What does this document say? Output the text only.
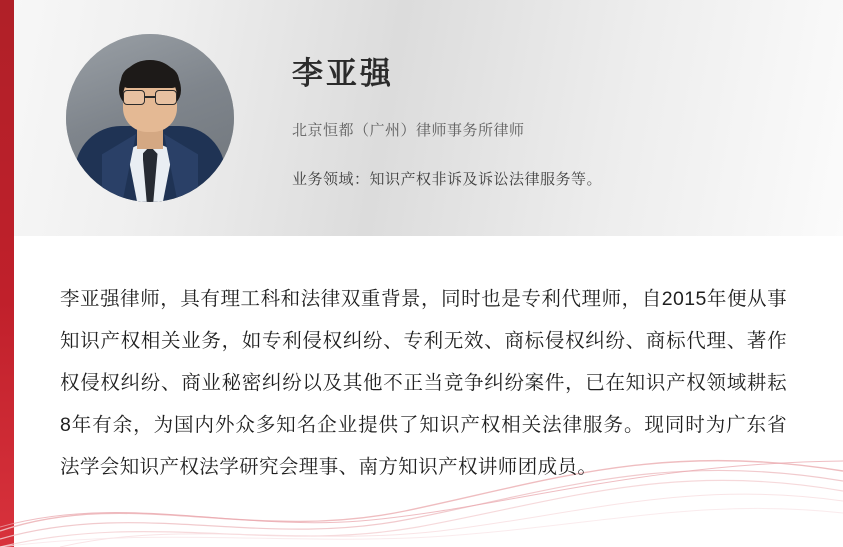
李亚强
北京恒都（广州）律师事务所律师
业务领域：知识产权非诉及诉讼法律服务等。
李亚强律师，具有理工科和法律双重背景，同时也是专利代理师，自2015年便从事知识产权相关业务，如专利侵权纠纷、专利无效、商标侵权纠纷、商标代理、著作权侵权纠纷、商业秘密纠纷以及其他不正当竞争纠纷案件，已在知识产权领域耕耘8年有余，为国内外众多知名企业提供了知识产权相关法律服务。现同时为广东省法学会知识产权法学研究会理事、南方知识产权讲师团成员。
